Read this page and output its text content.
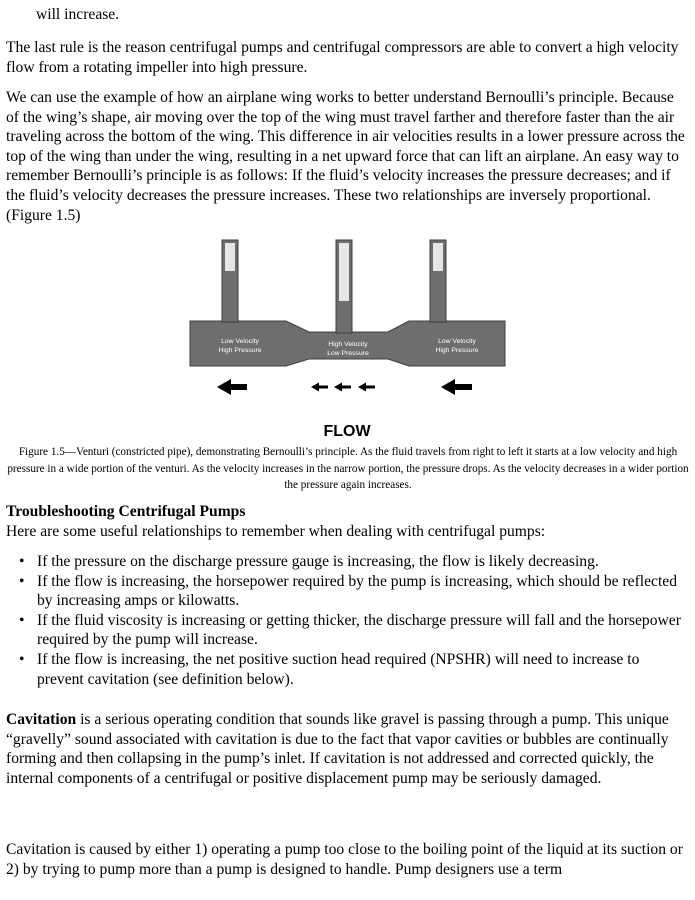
will increase.

The last rule is the reason centrifugal pumps and centrifugal compressors are able to convert a high velocity flow from a rotating impeller into high pressure.

We can use the example of how an airplane wing works to better understand Bernoulli’s principle. Because of the wing’s shape, air moving over the top of the wing must travel farther and therefore faster than the air traveling across the bottom of the wing. This difference in air velocities results in a lower pressure across the top of the wing than under the wing, resulting in a net upward force that can lift an airplane. An easy way to remember Bernoulli’s principle is as follows: If the fluid’s velocity increases the pressure decreases; and if the fluid’s velocity decreases the pressure increases. These two relationships are inversely proportional. (Figure 1.5)

Low Velocity
High Pressure
High Velocity
Low Pressure
Low Velocity
High Pressure
FLOW

Figure 1.5—Venturi (constricted pipe), demonstrating Bernoulli’s principle. As the fluid travels from right to left it starts at a low velocity and high pressure in a wide portion of the venturi. As the velocity increases in the narrow portion, the pressure drops. As the velocity decreases in a wider portion the pressure again increases.

Troubleshooting Centrifugal Pumps
Here are some useful relationships to remember when dealing with centrifugal pumps:
• If the pressure on the discharge pressure gauge is increasing, the flow is likely decreasing.
• If the flow is increasing, the horsepower required by the pump is increasing, which should be reflected by increasing amps or kilowatts.
• If the fluid viscosity is increasing or getting thicker, the discharge pressure will fall and the horsepower required by the pump will increase.
• If the flow is increasing, the net positive suction head required (NPSHR) will need to increase to prevent cavitation (see definition below).

Cavitation is a serious operating condition that sounds like gravel is passing through a pump. This unique “gravelly” sound associated with cavitation is due to the fact that vapor cavities or bubbles are continually forming and then collapsing in the pump’s inlet. If cavitation is not addressed and corrected quickly, the internal components of a centrifugal or positive displacement pump may be seriously damaged.

Cavitation is caused by either 1) operating a pump too close to the boiling point of the liquid at its suction or 2) by trying to pump more than a pump is designed to handle. Pump designers use a term
